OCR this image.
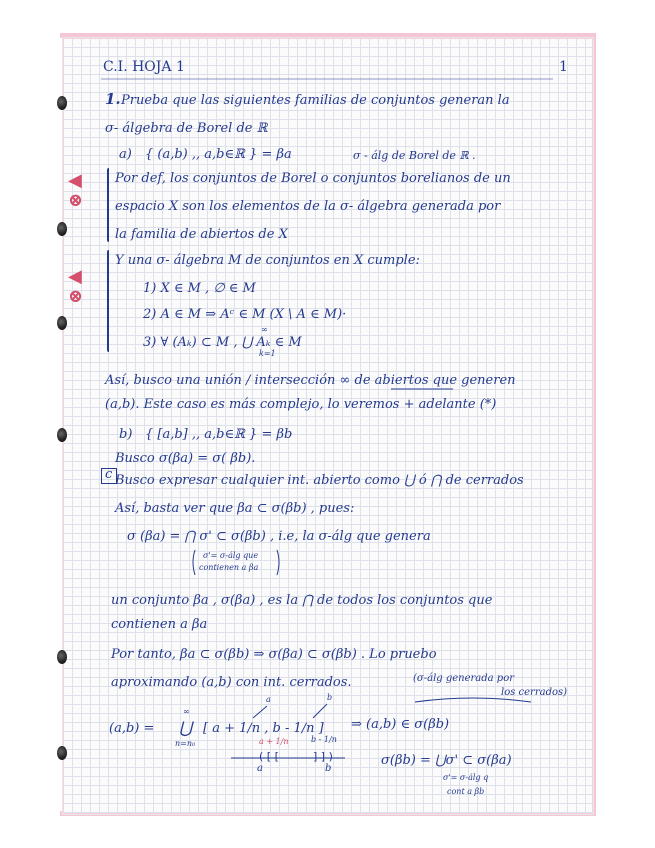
C.I. HOJA 1	1
◀
⊗
◀
⊗
1. Prueba que las siguientes familias de conjuntos generan la
σ- álgebra de Borel de ℝ
a) { (a,b) ,, a,b∈ℝ } = βa	σ - álg de Borel de ℝ .
Por def, los conjuntos de Borel o conjuntos borelianos de un
espacio X son los elementos de la σ- álgebra generada por
la familia de abiertos de X
Y una σ- álgebra M de conjuntos en X cumple:
1) X ∈ M , ∅ ∈ M
2) A ∈ M ⇒ Aᶜ ∈ M (X \ A ∈ M)·
3) ∀ (Aₖ) ⊂ M , ⋃ Aₖ ∈ M
∞
k=1
Así, busco una unión / intersección ∞ de abiertos que generen
(a,b). Este caso es más complejo, lo veremos + adelante (*)
b) { [a,b] ,, a,b∈ℝ } = βb
Busco σ(βa) = σ( βb).
c Busco expresar cualquier int. abierto como ⋃ ó ⋂ de cerrados
Así, basta ver que βa ⊂ σ(βb) , pues:
σ (βa) = ⋂ σ' ⊂ σ(βb) , i.e, la σ-álg que genera
σ'= σ-álg que
contienen a βa
un conjunto βa , σ(βa) , es la ⋂ de todos los conjuntos que
contienen a βa
Por tanto, βa ⊂ σ(βb) ⇒ σ(βa) ⊂ σ(βb) . Lo pruebo
aproximando (a,b) con int. cerrados.	(σ-álg generada por
los cerrados)
a	b
(a,b) =
∞
⋃
n=n₀
[ a + 1/n , b - 1/n ] ⇒ (a,b) ∈ σ(βb)
a + 1/n	b - 1/n
( [ [	] ] )
a	b
σ(βb) = ⋃σ' ⊂ σ(βa)
σ'= σ-álg q
cont a βb
